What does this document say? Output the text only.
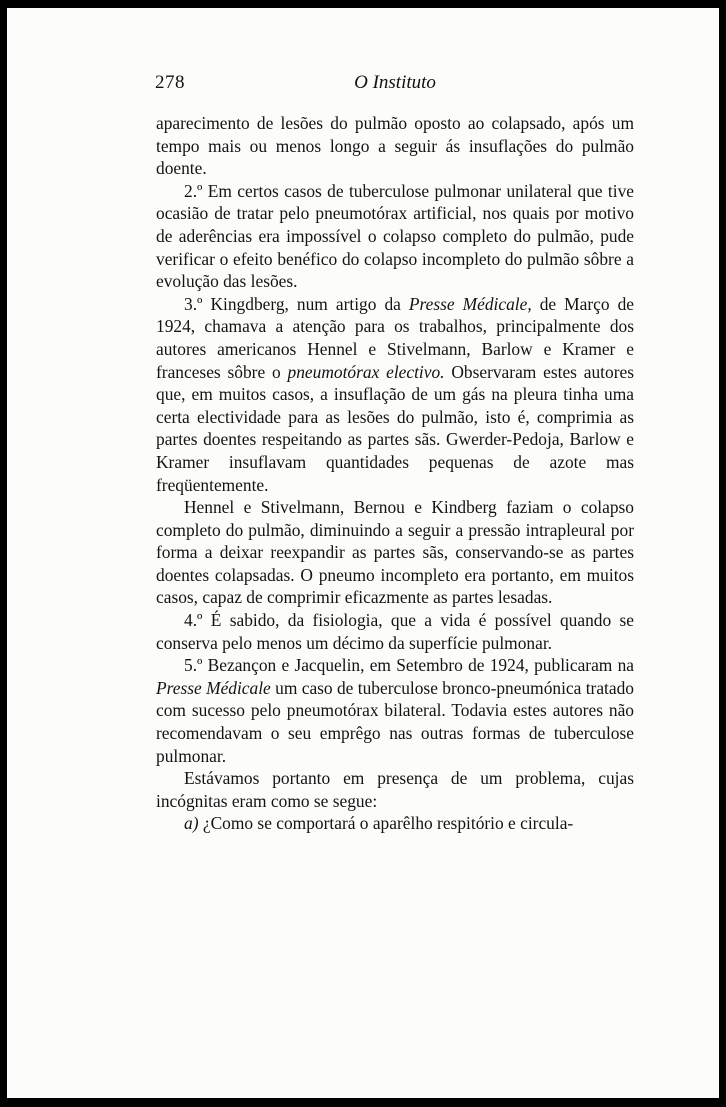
278	O Instituto

aparecimento de lesões do pulmão oposto ao colapsado, após um tempo mais ou menos longo a seguir ás insuflações do pulmão doente.

2.º Em certos casos de tuberculose pulmonar unilateral que tive ocasião de tratar pelo pneumotórax artificial, nos quais por motivo de aderências era impossível o colapso completo do pulmão, pude verificar o efeito benéfico do colapso incompleto do pulmão sôbre a evolução das lesões.

3.º Kingdberg, num artigo da Presse Médicale, de Março de 1924, chamava a atenção para os trabalhos, principalmente dos autores americanos Hennel e Stivelmann, Barlow e Kramer e franceses sôbre o pneumotórax electivo. Observaram estes autores que, em muitos casos, a insuflação de um gás na pleura tinha uma certa electividade para as lesões do pulmão, isto é, comprimia as partes doentes respeitando as partes sãs. Gwerder-Pedoja, Barlow e Kramer insuflavam quantidades pequenas de azote mas freqüentemente.

Hennel e Stivelmann, Bernou e Kindberg faziam o colapso completo do pulmão, diminuindo a seguir a pressão intrapleural por forma a deixar reexpandir as partes sãs, conservando-se as partes doentes colapsadas. O pneumo incompleto era portanto, em muitos casos, capaz de comprimir eficazmente as partes lesadas.

4.º É sabido, da fisiologia, que a vida é possível quando se conserva pelo menos um décimo da superfície pulmonar.

5.º Bezançon e Jacquelin, em Setembro de 1924, publicaram na Presse Médicale um caso de tuberculose bronco-pneumónica tratado com sucesso pelo pneumotórax bilateral. Todavia estes autores não recomendavam o seu emprêgo nas outras formas de tuberculose pulmonar.

Estávamos portanto em presença de um problema, cujas incógnitas eram como se segue:

a) ¿Como se comportará o aparêlho respitório e circula-
